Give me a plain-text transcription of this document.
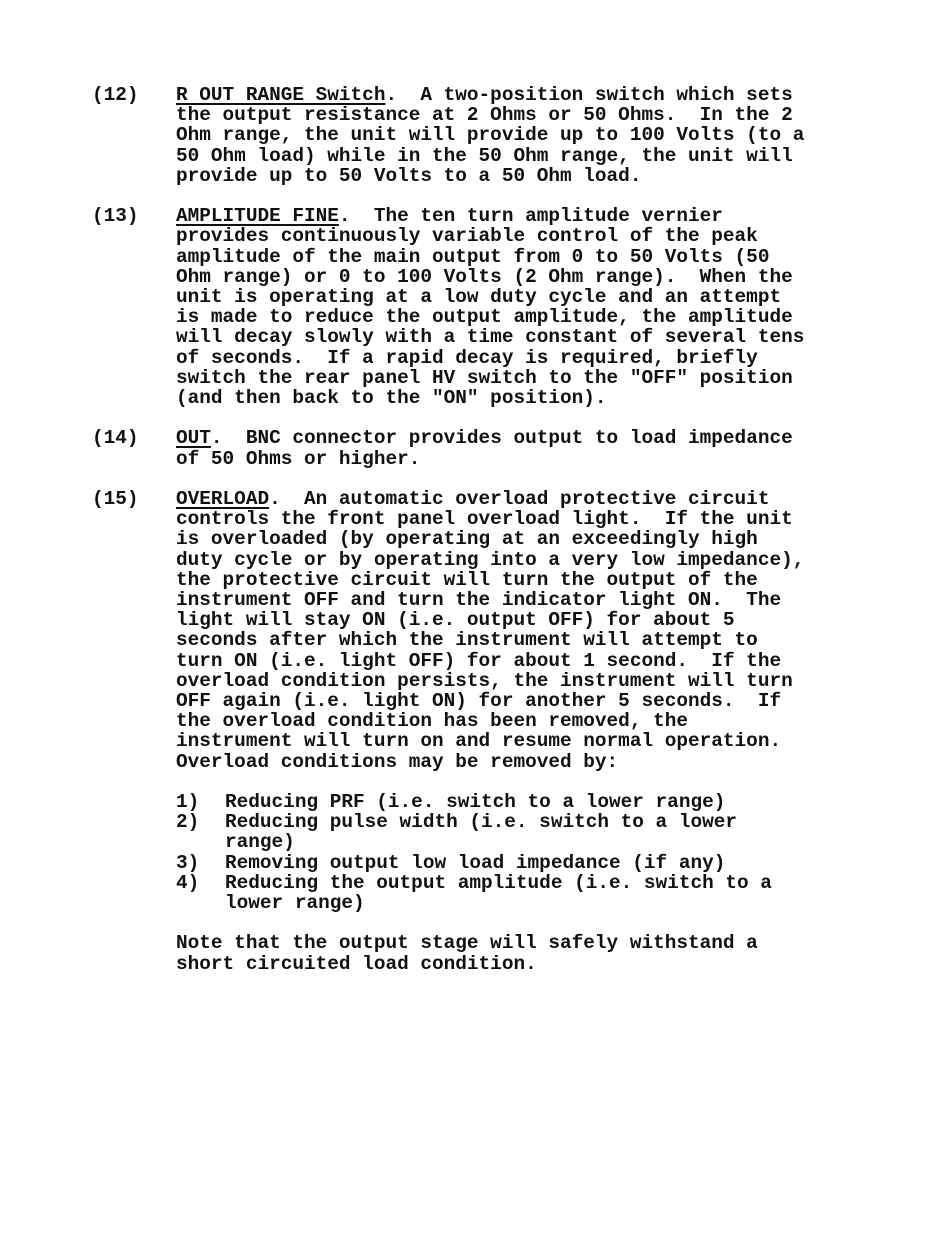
(12) R OUT RANGE Switch.  A two-position switch which sets
the output resistance at 2 Ohms or 50 Ohms.  In the 2
Ohm range, the unit will provide up to 100 Volts (to a
50 Ohm load) while in the 50 Ohm range, the unit will
provide up to 50 Volts to a 50 Ohm load.
(13) AMPLITUDE FINE.  The ten turn amplitude vernier
provides continuously variable control of the peak
amplitude of the main output from 0 to 50 Volts (50
Ohm range) or 0 to 100 Volts (2 Ohm range).  When the
unit is operating at a low duty cycle and an attempt
is made to reduce the output amplitude, the amplitude
will decay slowly with a time constant of several tens
of seconds.  If a rapid decay is required, briefly
switch the rear panel HV switch to the "OFF" position
(and then back to the "ON" position).
(14) OUT.  BNC connector provides output to load impedance
of 50 Ohms or higher.
(15) OVERLOAD.  An automatic overload protective circuit
controls the front panel overload light.  If the unit
is overloaded (by operating at an exceedingly high
duty cycle or by operating into a very low impedance),
the protective circuit will turn the output of the
instrument OFF and turn the indicator light ON.  The
light will stay ON (i.e. output OFF) for about 5
seconds after which the instrument will attempt to
turn ON (i.e. light OFF) for about 1 second.  If the
overload condition persists, the instrument will turn
OFF again (i.e. light ON) for another 5 seconds.  If
the overload condition has been removed, the
instrument will turn on and resume normal operation.
Overload conditions may be removed by:
1) Reducing PRF (i.e. switch to a lower range)
2) Reducing pulse width (i.e. switch to a lower
range)
3) Removing output low load impedance (if any)
4) Reducing the output amplitude (i.e. switch to a
lower range)
Note that the output stage will safely withstand a
short circuited load condition.
